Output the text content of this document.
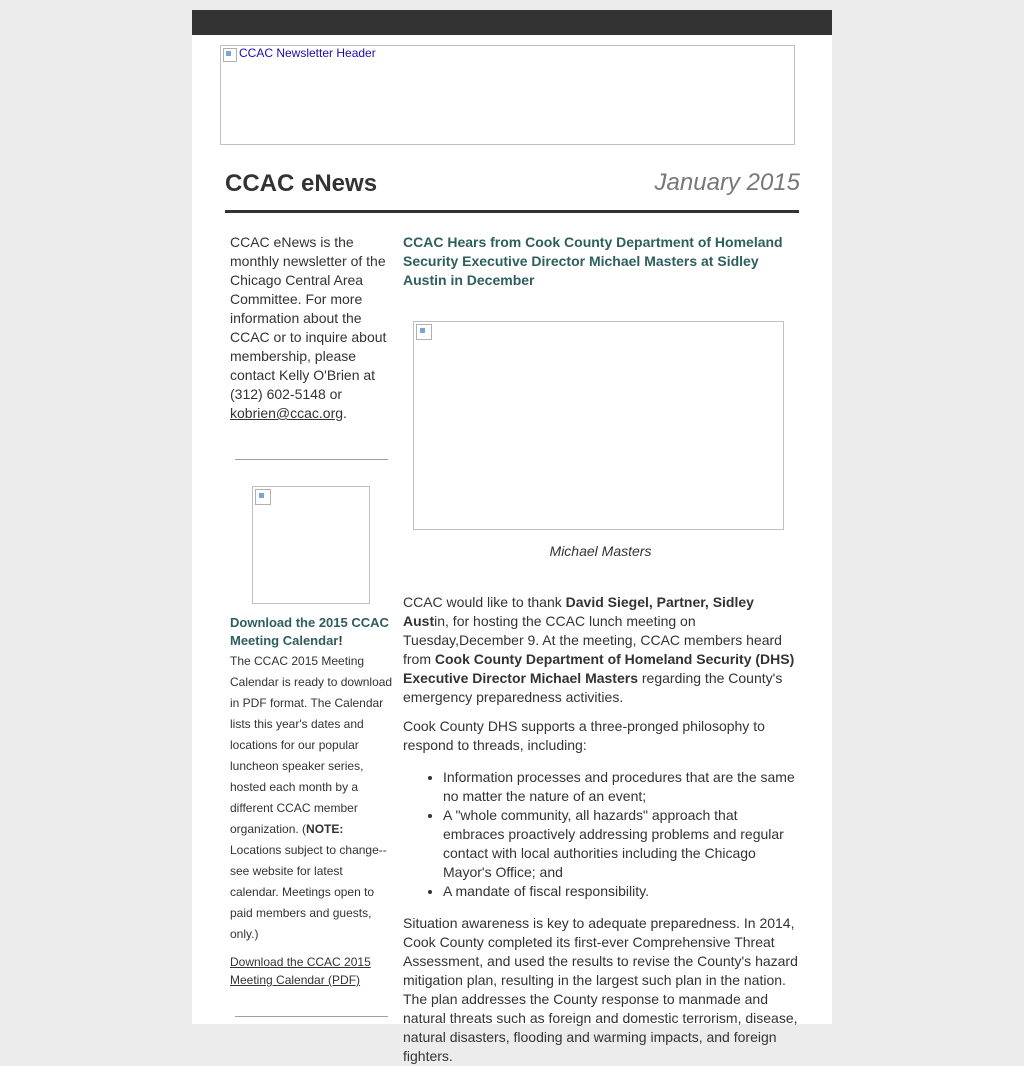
CCAC Newsletter Header
CCAC eNews	January 2015

CCAC eNews is the monthly newsletter of the Chicago Central Area Committee. For more information about the CCAC or to inquire about membership, please contact Kelly O'Brien at (312) 602-5148 or kobrien@ccac.org.

Download the 2015 CCAC Meeting Calendar!

The CCAC 2015 Meeting Calendar is ready to download in PDF format. The Calendar lists this year's dates and locations for our popular luncheon speaker series, hosted each month by a different CCAC member organization. (NOTE: Locations subject to change--see website for latest calendar. Meetings open to paid members and guests, only.)

Download the CCAC 2015 Meeting Calendar (PDF)

CCAC Hears from Cook County Department of Homeland Security Executive Director Michael Masters at Sidley Austin in December

Michael Masters

CCAC would like to thank David Siegel, Partner, Sidley Austin, for hosting the CCAC lunch meeting on Tuesday,December 9. At the meeting, CCAC members heard from Cook County Department of Homeland Security (DHS) Executive Director Michael Masters regarding the County's emergency preparedness activities.

Cook County DHS supports a three-pronged philosophy to respond to threads, including:

• Information processes and procedures that are the same no matter the nature of an event;
• A "whole community, all hazards" approach that embraces proactively addressing problems and regular contact with local authorities including the Chicago Mayor's Office; and
• A mandate of fiscal responsibility.

Situation awareness is key to adequate preparedness. In 2014, Cook County completed its first-ever Comprehensive Threat Assessment, and used the results to revise the County's hazard mitigation plan, resulting in the largest such plan in the nation. The plan addresses the County response to manmade and natural threats such as foreign and domestic terrorism, disease, natural disasters, flooding and warming impacts, and foreign fighters.
